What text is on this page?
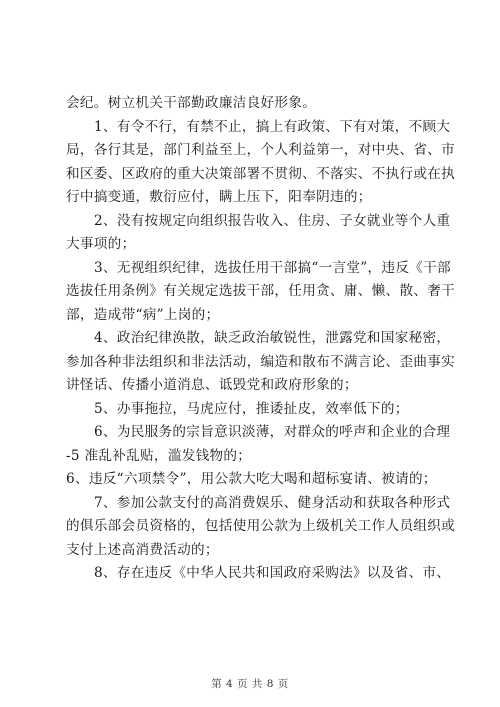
会纪。树立机关干部勤政廉洁良好形象。
1、有令不行，有禁不止，搞上有政策、下有对策，不顾大
局，各行其是，部门利益至上，个人利益第一，对中央、省、市
和区委、区政府的重大决策部署不贯彻、不落实、不执行或在执
行中搞变通，敷衍应付，瞒上压下，阳奉阴违的；
2、没有按规定向组织报告收入、住房、子女就业等个人重
大事项的；
3、无视组织纪律，选拔任用干部搞“一言堂”，违反《干部
选拔任用条例》有关规定选拔干部，任用贪、庸、懒、散、奢干
部，造成带“病”上岗的；
4、政治纪律涣散，缺乏政治敏锐性，泄露党和国家秘密，
参加各种非法组织和非法活动，编造和散布不满言论、歪曲事实
讲怪话、传播小道消息、诋毁党和政府形象的；
5、办事拖拉，马虎应付，推诿扯皮，效率低下的；
6、为民服务的宗旨意识淡薄，对群众的呼声和企业的合理
-5 准乱补乱贴，滥发钱物的；
6、违反“六项禁令”，用公款大吃大喝和超标宴请、被请的；
7、参加公款支付的高消费娱乐、健身活动和获取各种形式
的俱乐部会员资格的，包括使用公款为上级机关工作人员组织或
支付上述高消费活动的；
8、存在违反《中华人民共和国政府采购法》以及省、市、
第 4 页 共 8 页
